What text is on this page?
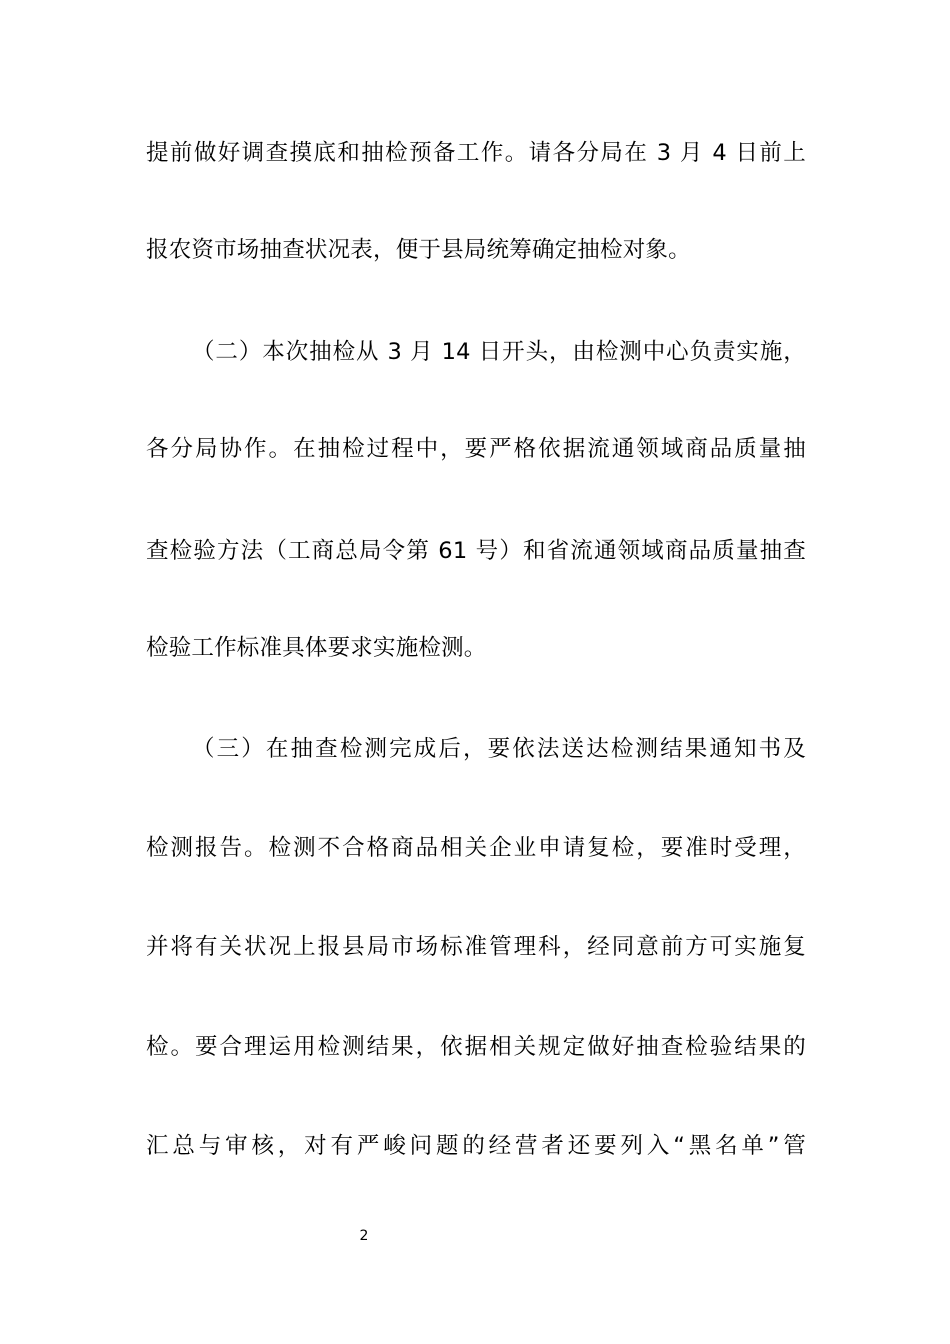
提前做好调查摸底和抽检预备工作。请各分局在 3 月 4 日前上
报农资市场抽查状况表，便于县局统筹确定抽检对象。
（二）本次抽检从 3 月 14 日开头，由检测中心负责实施，
各分局协作。在抽检过程中，要严格依据流通领域商品质量抽
查检验方法（工商总局令第 61 号）和省流通领域商品质量抽查
检验工作标准具体要求实施检测。
（三）在抽查检测完成后，要依法送达检测结果通知书及
检测报告。检测不合格商品相关企业申请复检，要准时受理，
并将有关状况上报县局市场标准管理科，经同意前方可实施复
检。要合理运用检测结果，依据相关规定做好抽查检验结果的
汇总与审核，对有严峻问题的经营者还要列入“黑名单”管
2
